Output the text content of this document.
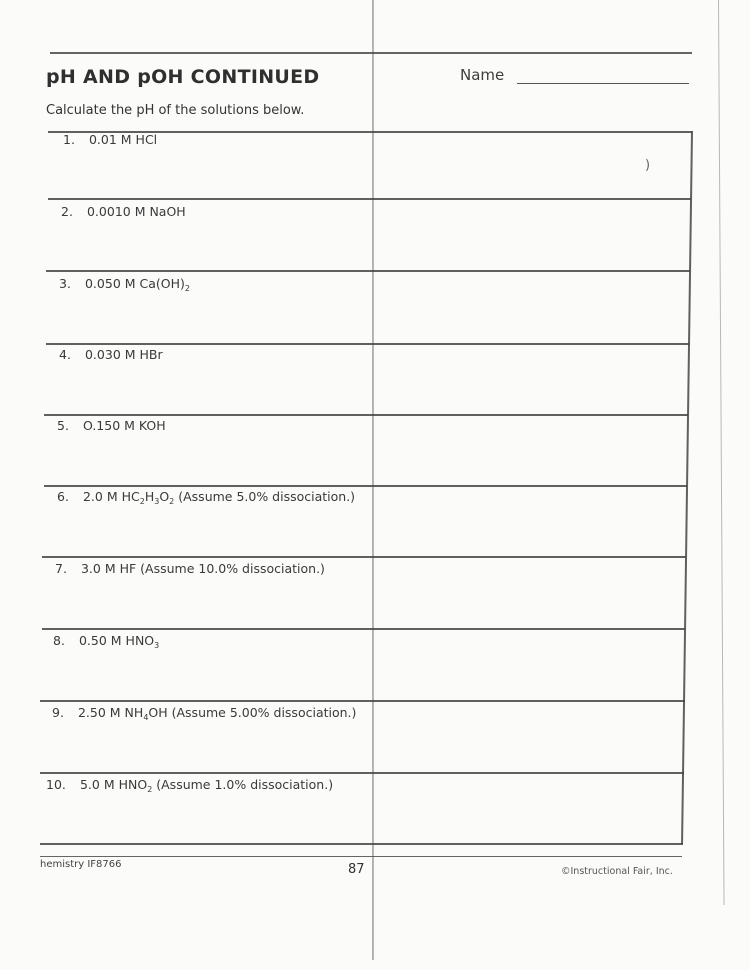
pH AND pOH CONTINUED	Name
Calculate the pH of the solutions below.
1. 0.01 M HCl
2. 0.0010 M NaOH
3. 0.050 M $Ca(OH)_2$
4. 0.030 M HBr
5. O.150 M KOH
6. 2.0 M $HC_2H_3O_2$ (Assume 5.0% dissociation.)
7. 3.0 M HF (Assume 10.0% dissociation.)
8. 0.50 M $HNO_3$
9. 2.50 M $NH_4OH$ (Assume 5.00% dissociation.)
10. 5.0 M $HNO_2$ (Assume 1.0% dissociation.)
)
hemistry IF8766	87	©Instructional Fair, Inc.
